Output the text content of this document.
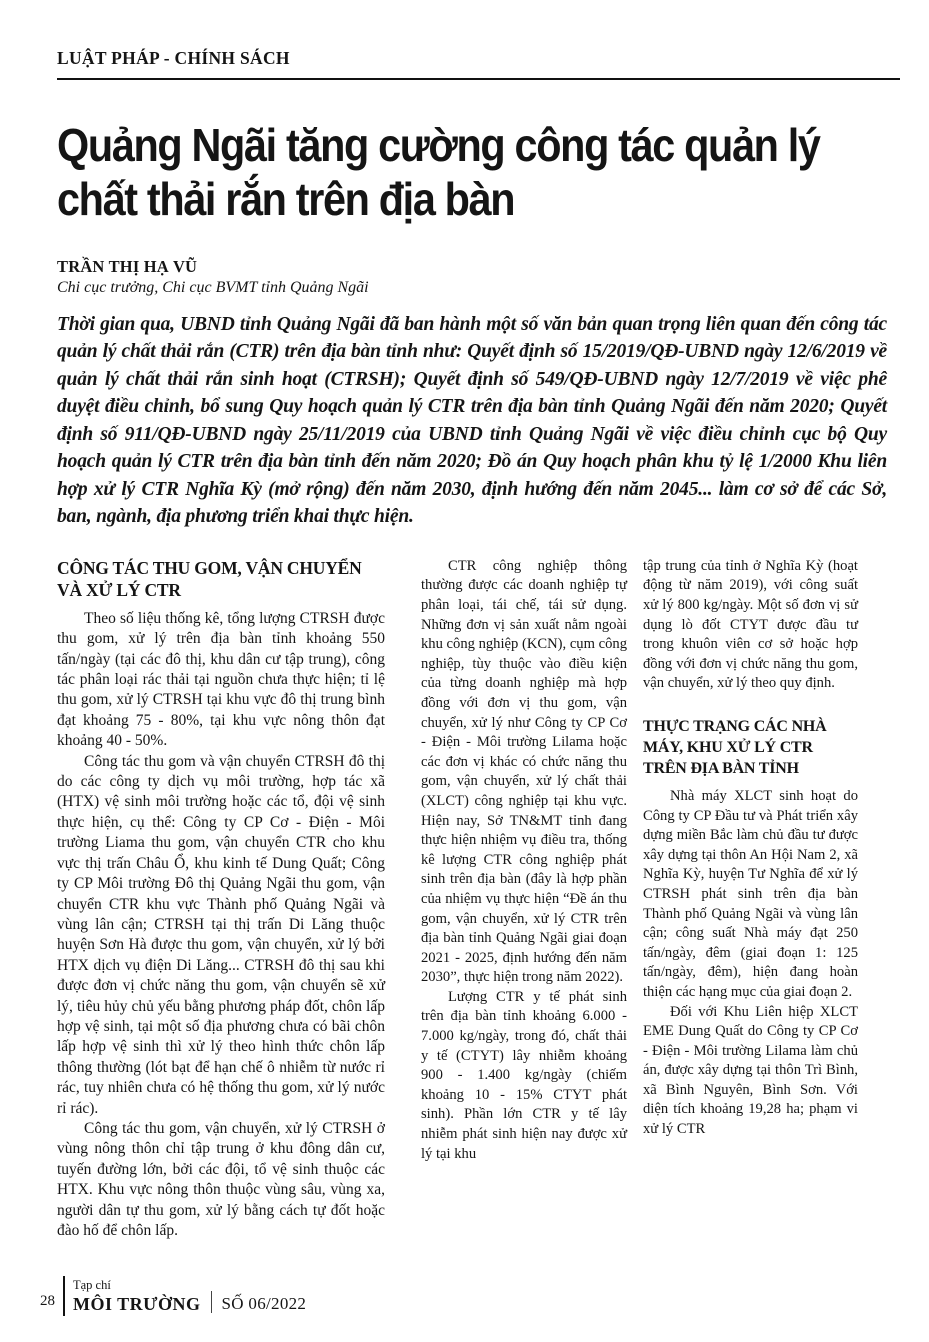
LUẬT PHÁP - CHÍNH SÁCH
Quảng Ngãi tăng cường công tác quản lý chất thải rắn trên địa bàn
TRẦN THỊ HẠ VŨ
Chi cục trưởng, Chi cục BVMT tỉnh Quảng Ngãi
Thời gian qua, UBND tỉnh Quảng Ngãi đã ban hành một số văn bản quan trọng liên quan đến công tác quản lý chất thải rắn (CTR) trên địa bàn tỉnh như: Quyết định số 15/2019/QĐ-UBND ngày 12/6/2019 về quản lý chất thải rắn sinh hoạt (CTRSH); Quyết định số 549/QĐ-UBND ngày 12/7/2019 về việc phê duyệt điều chỉnh, bổ sung Quy hoạch quản lý CTR trên địa bàn tỉnh Quảng Ngãi đến năm 2020; Quyết định số 911/QĐ-UBND ngày 25/11/2019 của UBND tỉnh Quảng Ngãi về việc điều chỉnh cục bộ Quy hoạch quản lý CTR trên địa bàn tỉnh đến năm 2020; Đồ án Quy hoạch phân khu tỷ lệ 1/2000 Khu liên hợp xử lý CTR Nghĩa Kỳ (mở rộng) đến năm 2030, định hướng đến năm 2045... làm cơ sở để các Sở, ban, ngành, địa phương triển khai thực hiện.
CÔNG TÁC THU GOM, VẬN CHUYỂN VÀ XỬ LÝ CTR

Theo số liệu thống kê, tổng lượng CTRSH được thu gom, xử lý trên địa bàn tỉnh khoảng 550 tấn/ngày (tại các đô thị, khu dân cư tập trung), công tác phân loại rác thải tại nguồn chưa thực hiện; tỉ lệ thu gom, xử lý CTRSH tại khu vực đô thị trung bình đạt khoảng 75 - 80%, tại khu vực nông thôn đạt khoảng 40 - 50%.

Công tác thu gom và vận chuyển CTRSH đô thị do các công ty dịch vụ môi trường, hợp tác xã (HTX) vệ sinh môi trường hoặc các tổ, đội vệ sinh thực hiện, cụ thể: Công ty CP Cơ - Điện - Môi trường Liama thu gom, vận chuyển CTR cho khu vực thị trấn Châu Ổ, khu kinh tế Dung Quất; Công ty CP Môi trường Đô thị Quảng Ngãi thu gom, vận chuyển CTR khu vực Thành phố Quảng Ngãi và vùng lân cận; CTRSH tại thị trấn Di Lăng thuộc huyện Sơn Hà được thu gom, vận chuyển, xử lý bởi HTX dịch vụ điện Di Lăng... CTRSH đô thị sau khi được đơn vị chức năng thu gom, vận chuyển sẽ xử lý, tiêu hủy chủ yếu bằng phương pháp đốt, chôn lấp hợp vệ sinh, tại một số địa phương chưa có bãi chôn lấp hợp vệ sinh thì xử lý theo hình thức chôn lấp thông thường (lót bạt để hạn chế ô nhiễm từ nước rỉ rác, tuy nhiên chưa có hệ thống thu gom, xử lý nước rỉ rác).

Công tác thu gom, vận chuyển, xử lý CTRSH ở vùng nông thôn chỉ tập trung ở khu đông dân cư, tuyến đường lớn, bởi các đội, tổ vệ sinh thuộc các HTX. Khu vực nông thôn thuộc vùng sâu, vùng xa, người dân tự thu gom, xử lý bằng cách tự đốt hoặc đào hố để chôn lấp.

CTR công nghiệp thông thường được các doanh nghiệp tự phân loại, tái chế, tái sử dụng. Những đơn vị sản xuất nằm ngoài khu công nghiệp (KCN), cụm công nghiệp, tùy thuộc vào điều kiện của từng doanh nghiệp mà hợp đồng với đơn vị thu gom, vận chuyển, xử lý như Công ty CP Cơ - Điện - Môi trường Lilama hoặc các đơn vị khác có chức năng thu gom, vận chuyển, xử lý chất thải (XLCT) công nghiệp tại khu vực. Hiện nay, Sở TN&MT tỉnh đang thực hiện nhiệm vụ điều tra, thống kê lượng CTR công nghiệp phát sinh trên địa bàn (đây là hợp phần của nhiệm vụ thực hiện “Đề án thu gom, vận chuyển, xử lý CTR trên địa bàn tỉnh Quảng Ngãi giai đoạn 2021 - 2025, định hướng đến năm 2030”, thực hiện trong năm 2022).

Lượng CTR y tế phát sinh trên địa bàn tỉnh khoảng 6.000 - 7.000 kg/ngày, trong đó, chất thải y tế (CTYT) lây nhiễm khoảng 900 - 1.400 kg/ngày (chiếm khoảng 10 - 15% CTYT phát sinh). Phần lớn CTR y tế lây nhiễm phát sinh hiện nay được xử lý tại khu

tập trung của tỉnh ở Nghĩa Kỳ (hoạt động từ năm 2019), với công suất xử lý 800 kg/ngày. Một số đơn vị sử dụng lò đốt CTYT được đầu tư trong khuôn viên cơ sở hoặc hợp đồng với đơn vị chức năng thu gom, vận chuyển, xử lý theo quy định.

THỰC TRẠNG CÁC NHÀ MÁY, KHU XỬ LÝ CTR TRÊN ĐỊA BÀN TỈNH

Nhà máy XLCT sinh hoạt do Công ty CP Đầu tư và Phát triển xây dựng miền Bắc làm chủ đầu tư được xây dựng tại thôn An Hội Nam 2, xã Nghĩa Kỳ, huyện Tư Nghĩa để xử lý CTRSH phát sinh trên địa bàn Thành phố Quảng Ngãi và vùng lân cận; công suất Nhà máy đạt 250 tấn/ngày, đêm (giai đoạn 1: 125 tấn/ngày, đêm), hiện đang hoàn thiện các hạng mục của giai đoạn 2.

Đối với Khu Liên hiệp XLCT EME Dung Quất do Công ty CP Cơ - Điện - Môi trường Lilama làm chủ án, được xây dựng tại thôn Trì Bình, xã Bình Nguyên, Bình Sơn. Với diện tích khoảng 19,28 ha; phạm vi xử lý CTR

28
Tạp chí
MÔI TRƯỜNG SỐ 06/2022
